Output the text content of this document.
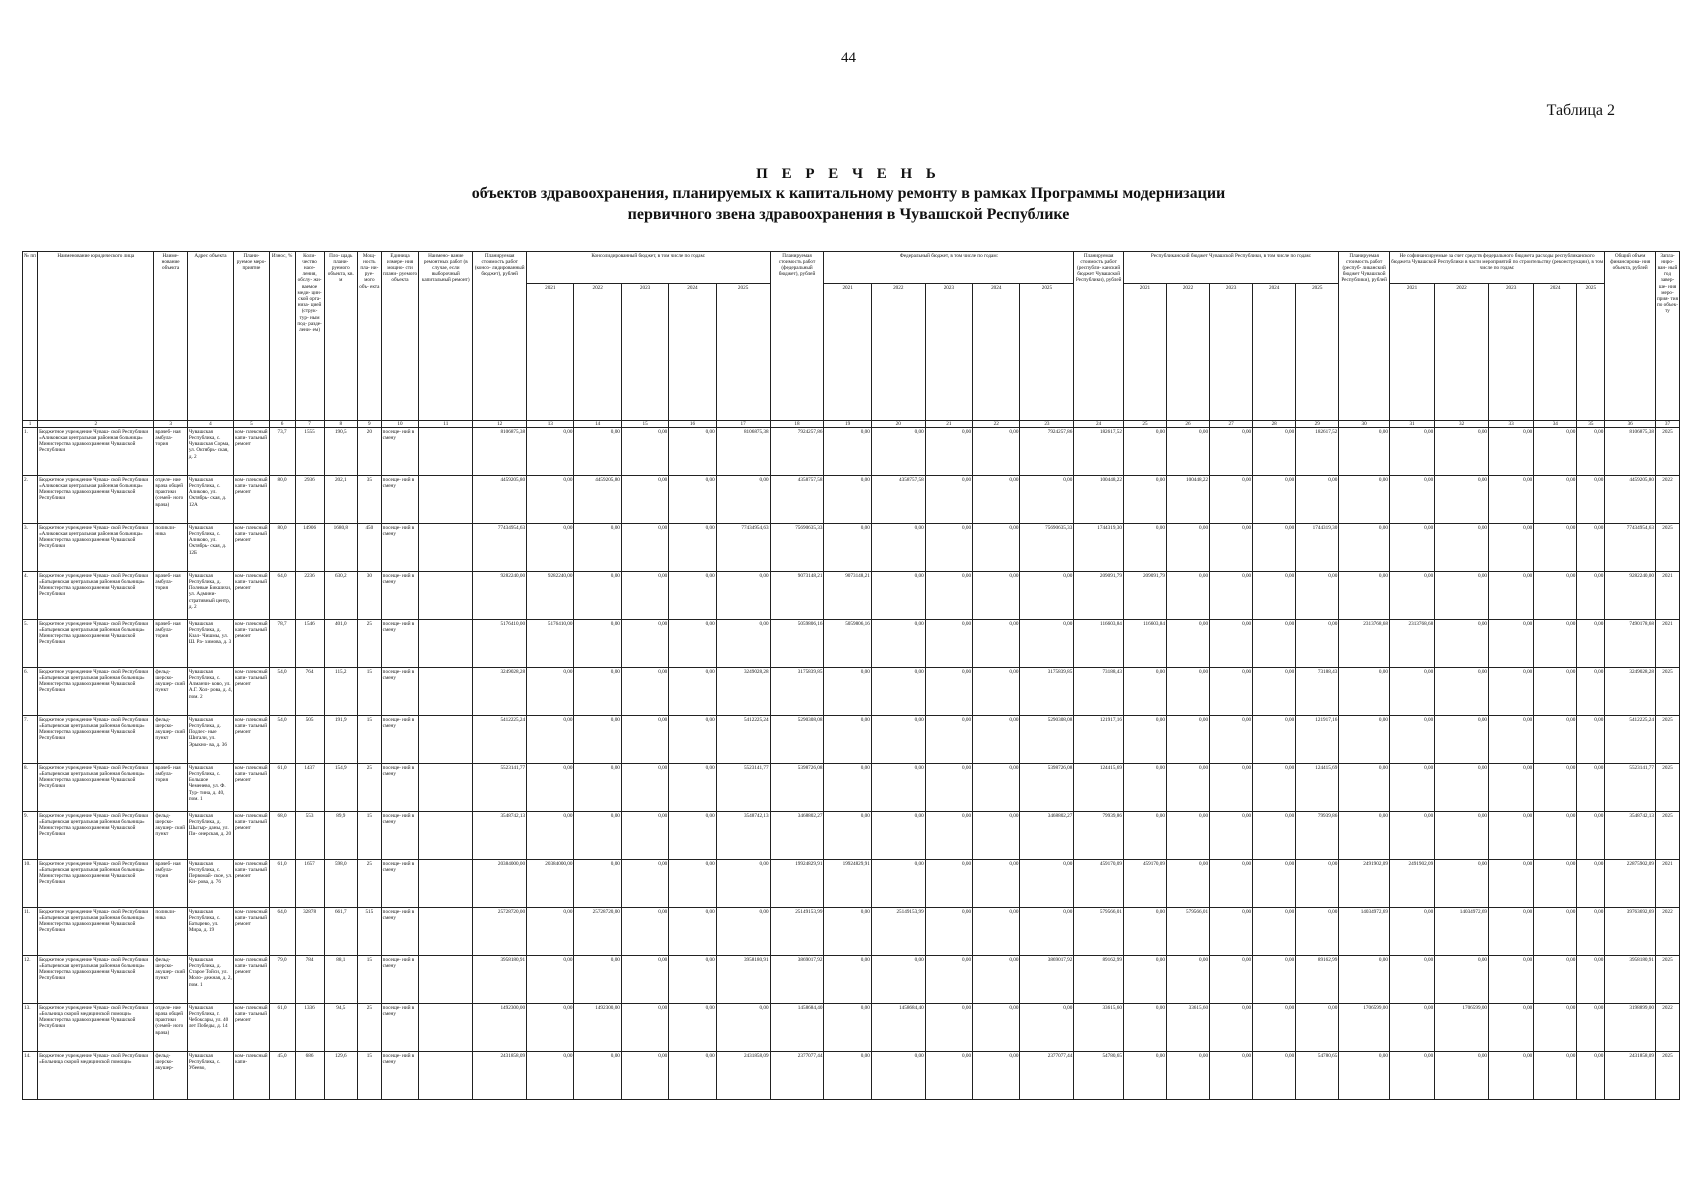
44
Таблица 2
П Е Р Е Ч Е Н Ь
объектов здравоохранения, планируемых к капитальному ремонту в рамках Программы модернизации
первичного звена здравоохранения в Чувашской Республике
№ пп	Наименование юридического лица	Наиме- нование объекта	Адрес объекта	Плани- руемое меро- приятие	Износ, %	Коли- чество насе- ления, обслу- жи- ваемое меди- цин- ской орга- низа- цией (струк- тур- ным под- разде- лени- ем)	Пло- щадь плани- руемого объекта, кв. м	Мощ- ность пла- ни- руе- мого объ- екта	Единица измере- ния мощно- сти плани- руемого объекта	Наимено- вание ремонтных работ (в случае, если выборочный капитальный ремонт)	Планируемая стоимость работ (консо- лидированный бюджет), рублей	Консолидированный бюджет, в том числе по годам:					Планируемая стоимость работ (федеральный бюджет), рублей	Федеральный бюджет, в том числе по годам:					Планируемая стоимость работ (республи- канский бюджет Чувашской Республики), рублей	Республиканский бюджет Чувашской Республики, в том числе по годам:					Планируемая стоимость работ (респуб- ликанский бюджет Чувашской Республики), рублей	Не софинансируемые за счет средств федерального бюджета расходы республиканского бюджета Чувашской Республики в части мероприятий по строительству (реконструкции), в том числе по годам:					Общий объем финансирова- ния объекта, рублей	Запла- ниро- ван- ный год завер- ше- ния меро- прия- тия по объек- ту
												2021	2022	2023	2024	2025		2021	2022	2023	2024	2025		2021	2022	2023	2024	2025		2021	2022	2023	2024	2025		
1	2	3	4	5	6	7	8	9	10	11	12	13	14	15	16	17	18	19	20	21	22	23	24	25	26	27	28	29	30	31	32	33	34	35	36	37
1.	Бюджетное учреждение Чуваш- ской Республики «Аликовская центральная районная больница» Министерства здравоохранения Чувашской Республики	врачеб- ная амбула- тория	Чувашская Республика, с. Чувашская Сорма, ул. Октябрь- ская, д. 2	ком- плексный капи- тальный ремонт	73,7	1555	190,5	20	посеще- ний в смену		8106875,38	0,00	0,00	0,00	0,00	8106875,38	7924257,86	0,00	0,00	0,00	0,00	7924257,86	182617,52	0,00	0,00	0,00	0,00	182617,52	0,00	0,00	0,00	0,00	0,00	0,00	8106875,38	2025
2.	Бюджетное учреждение Чуваш- ской Республики «Аликовская центральная районная больница» Министерства здравоохранения Чувашской Республики	отделе- ние врача общей практики (семей- ного врача)	Чувашская Республика, с. Аликово, ул. Октябрь- ская, д. 12А	ком- плексный капи- тальный ремонт	80,0	2936	202,1	35	посеще- ний в смену		4459205,80	0,00	4459205,80	0,00	0,00	0,00	4358757,58	0,00	4358757,58	0,00	0,00	0,00	100448,22	0,00	100448,22	0,00	0,00	0,00	0,00	0,00	0,00	0,00	0,00	0,00	4459205,80	2022
3.	Бюджетное учреждение Чуваш- ской Республики «Аликовская центральная районная больница» Министерства здравоохранения Чувашской Республики	поликли- ника	Чувашская Республика, с. Аликово, ул. Октябрь- ская, д. 12Б	ком- плексный капи- тальный ремонт	80,0	14906	1680,8	450	посеще- ний в смену		77434954,63	0,00	0,00	0,00	0,00	77434954,63	75690635,33	0,00	0,00	0,00	0,00	75690635,33	1744319,30	0,00	0,00	0,00	0,00	1744319,30	0,00	0,00	0,00	0,00	0,00	0,00	77434954,63	2025
4.	Бюджетное учреждение Чуваш- ской Республики «Батыревская центральная районная больница» Министерства здравоохранения Чувашской Республики	врачеб- ная амбула- тория	Чувашская Республика, д. Полевые Бикшихи, ул. Админи- стративный центр, д. 2	ком- плексный капи- тальный ремонт	64,0	2236	630,2	30	посеще- ний в смену		9282240,00	9282240,00	0,00	0,00	0,00	0,00	9073148,21	9073148,21	0,00	0,00	0,00	0,00	209091,79	209091,79	0,00	0,00	0,00	0,00	0,00	0,00	0,00	0,00	0,00	0,00	9282240,00	2021
5.	Бюджетное учреждение Чуваш- ской Республики «Батыревская центральная районная больница» Министерства здравоохранения Чувашской Республики	врачеб- ная амбула- тория	Чувашская Республика, д. Кзал- Чишмы, ул. Ш. Ра- химова, д. 3	ком- плексный капи- тальный ремонт	78,7	1546	401,0	25	посеще- ний в смену		5176410,00	5176410,00	0,00	0,00	0,00	0,00	5059806,16	5059806,16	0,00	0,00	0,00	0,00	116603,84	116603,84	0,00	0,00	0,00	0,00	2313768,68	2313768,68	0,00	0,00	0,00	0,00	7490178,68	2021
6.	Бюджетное учреждение Чуваш- ской Республики «Батыревская центральная районная больница» Министерства здравоохранения Чувашской Республики	фельд- шерско- акушер- ский пункт	Чувашская Республика, с. Алманчи- ково, ул. А.Г. Хол- рова, д. 4, пом. 2	ком- плексный капи- тальный ремонт	54,0	764	115,2	15	посеще- ний в смену		3249028,28	0,00	0,00	0,00	0,00	3249028,28	3175839,85	0,00	0,00	0,00	0,00	3175839,85	73188,43	0,00	0,00	0,00	0,00	73188,43	0,00	0,00	0,00	0,00	0,00	0,00	3249028,28	2025
7.	Бюджетное учреждение Чуваш- ской Республики «Батыревская центральная районная больница» Министерства здравоохранения Чувашской Республики	фельд- шерско- акушер- ский пункт	Чувашская Республика, д. Подлес- ные Шигали, ул. Эрыкно- ва, д. 36	ком- плексный капи- тальный ремонт	54,0	505	191,9	15	посеще- ний в смену		5412225,24	0,00	0,00	0,00	0,00	5412225,24	5290308,08	0,00	0,00	0,00	0,00	5290308,08	121917,16	0,00	0,00	0,00	0,00	121917,16	0,00	0,00	0,00	0,00	0,00	0,00	5412225,24	2025
8.	Бюджетное учреждение Чуваш- ской Республики «Батыревская центральная районная больница» Министерства здравоохранения Чувашской Республики	врачеб- ная амбула- тория	Чувашская Республика, с. Большое Чеменево, ул. Ф. Тур- тина, д. 40, пом. 1	ком- плексный капи- тальный ремонт	61,0	1437	154,9	25	посеще- ний в смену		5523141,77	0,00	0,00	0,00	0,00	5523141,77	5398726,08	0,00	0,00	0,00	0,00	5398726,08	124415,69	0,00	0,00	0,00	0,00	124415,69	0,00	0,00	0,00	0,00	0,00	0,00	5523141,77	2025
9.	Бюджетное учреждение Чуваш- ской Республики «Батыревская центральная районная больница» Министерства здравоохранения Чувашской Республики	фельд- шерско- акушер- ский пункт	Чувашская Республика, д. Шыгыр- даны, ул. Пи- онерская, д. 20	ком- плексный капи- тальный ремонт	68,0	553	89,9	15	посеще- ний в смену		3548742,13	0,00	0,00	0,00	0,00	3548742,13	3468802,27	0,00	0,00	0,00	0,00	3468802,27	79939,86	0,00	0,00	0,00	0,00	79939,86	0,00	0,00	0,00	0,00	0,00	0,00	3548742,13	2025
10.	Бюджетное учреждение Чуваш- ской Республики «Батыревская центральная районная больница» Министерства здравоохранения Чувашской Республики	врачеб- ная амбула- тория	Чувашская Республика, с. Первомай- ское, ул. Ки- рова, д. 76	ком- плексный капи- тальный ремонт	61,0	1657	598,0	25	посеще- ний в смену		20384000,00	20384000,00	0,00	0,00	0,00	0,00	19924829,91	19924829,91	0,00	0,00	0,00	0,00	459170,09	459170,09	0,00	0,00	0,00	0,00	2491902,09	2491902,09	0,00	0,00	0,00	0,00	22875902,09	2021
11.	Бюджетное учреждение Чуваш- ской Республики «Батыревская центральная районная больница» Министерства здравоохранения Чувашской Республики	поликли- ника	Чувашская Республика, с. Батырево, ул. Мира, д. 19	ком- плексный капи- тальный ремонт	64,0	32878	661,7	515	посеще- ний в смену		25728720,00	0,00	25728720,00	0,00	0,00	0,00	25149153,99	0,00	25149153,99	0,00	0,00	0,00	579566,01	0,00	579566,01	0,00	0,00	0,00	14034972,69	0,00	14034972,69	0,00	0,00	0,00	39763692,69	2022
12.	Бюджетное учреждение Чуваш- ской Республики «Батыревская центральная районная больница» Министерства здравоохранения Чувашской Республики	фельд- шерско- акушер- ский пункт	Чувашская Республика, д. Старое Тойси, ул. Моло- дежная, д. 2, пом. 1	ком- плексный капи- тальный ремонт	79,0	784	88,1	15	посеще- ний в смену		3958180,91	0,00	0,00	0,00	0,00	3958180,91	3869017,92	0,00	0,00	0,00	0,00	3869017,92	89162,99	0,00	0,00	0,00	0,00	89162,99	0,00	0,00	0,00	0,00	0,00	0,00	3958180,91	2025
13.	Бюджетное учреждение Чуваш- ской Республики «Больница скорой медицинской помощи» Министерства здравоохранения Чувашской Республики	отделе- ние врача общей практики (семей- ного врача)	Чувашская Республика, г. Чебоксары, ул. 40 лет Победы, д. 14	ком- плексный капи- тальный ремонт	61,0	1336	94,5	25	посеще- ний в смену		1492300,00	0,00	1492300,00	0,00	0,00	0,00	1458684,40	0,00	1458684,40	0,00	0,00	0,00	33615,60	0,00	33615,60	0,00	0,00	0,00	1706599,00	0,00	1706599,00	0,00	0,00	0,00	3198899,00	2022
14.	Бюджетное учреждение Чуваш- ской Республики «Больница скорой медицинской помощи»	фельд- шерско- акушер-	Чувашская Республика, с. Убеево,	ком- плексный капи-	45,0	686	129,6	15	посеще- ний в смену		2431858,09	0,00	0,00	0,00	0,00	2431858,09	2377077,44	0,00	0,00	0,00	0,00	2377077,44	54780,65	0,00	0,00	0,00	0,00	54780,65	0,00	0,00	0,00	0,00	0,00	0,00	2431858,09	2025
